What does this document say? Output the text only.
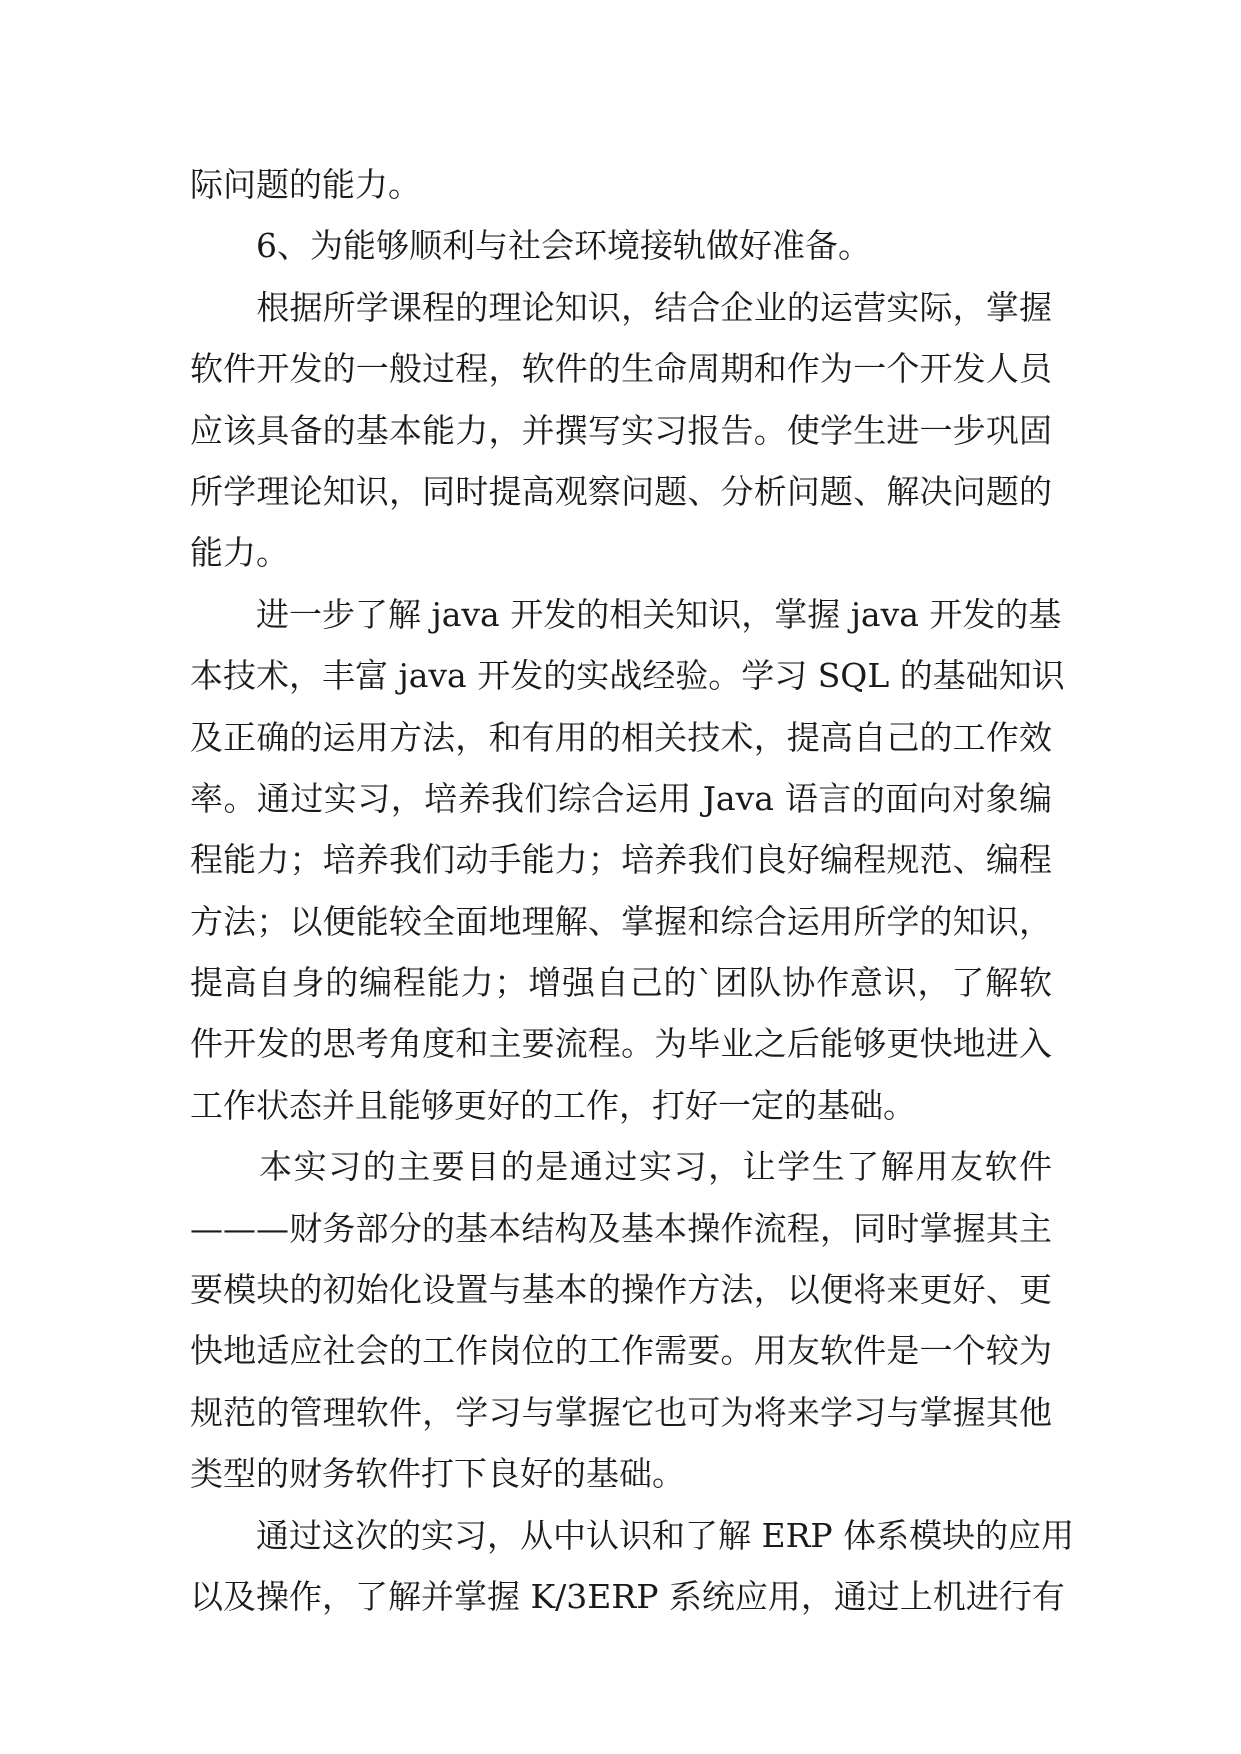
际问题的能力。
　　6、为能够顺利与社会环境接轨做好准备。
　　根据所学课程的理论知识，结合企业的运营实际，掌握
软件开发的一般过程，软件的生命周期和作为一个开发人员
应该具备的基本能力，并撰写实习报告。使学生进一步巩固
所学理论知识，同时提高观察问题、分析问题、解决问题的
能力。
　　进一步了解 java 开发的相关知识，掌握 java 开发的基
本技术，丰富 java 开发的实战经验。学习 SQL 的基础知识
及正确的运用方法，和有用的相关技术，提高自己的工作效
率。通过实习，培养我们综合运用 Java 语言的面向对象编
程能力；培养我们动手能力；培养我们良好编程规范、编程
方法；以便能较全面地理解、掌握和综合运用所学的知识，
提高自身的编程能力；增强自己的`团队协作意识，了解软
件开发的思考角度和主要流程。为毕业之后能够更快地进入
工作状态并且能够更好的工作，打好一定的基础。
　　本实习的主要目的是通过实习，让学生了解用友软件
———财务部分的基本结构及基本操作流程，同时掌握其主
要模块的初始化设置与基本的操作方法，以便将来更好、更
快地适应社会的工作岗位的工作需要。用友软件是一个较为
规范的管理软件，学习与掌握它也可为将来学习与掌握其他
类型的财务软件打下良好的基础。
　　通过这次的实习，从中认识和了解 ERP 体系模块的应用
以及操作，了解并掌握 K/3ERP 系统应用，通过上机进行有
